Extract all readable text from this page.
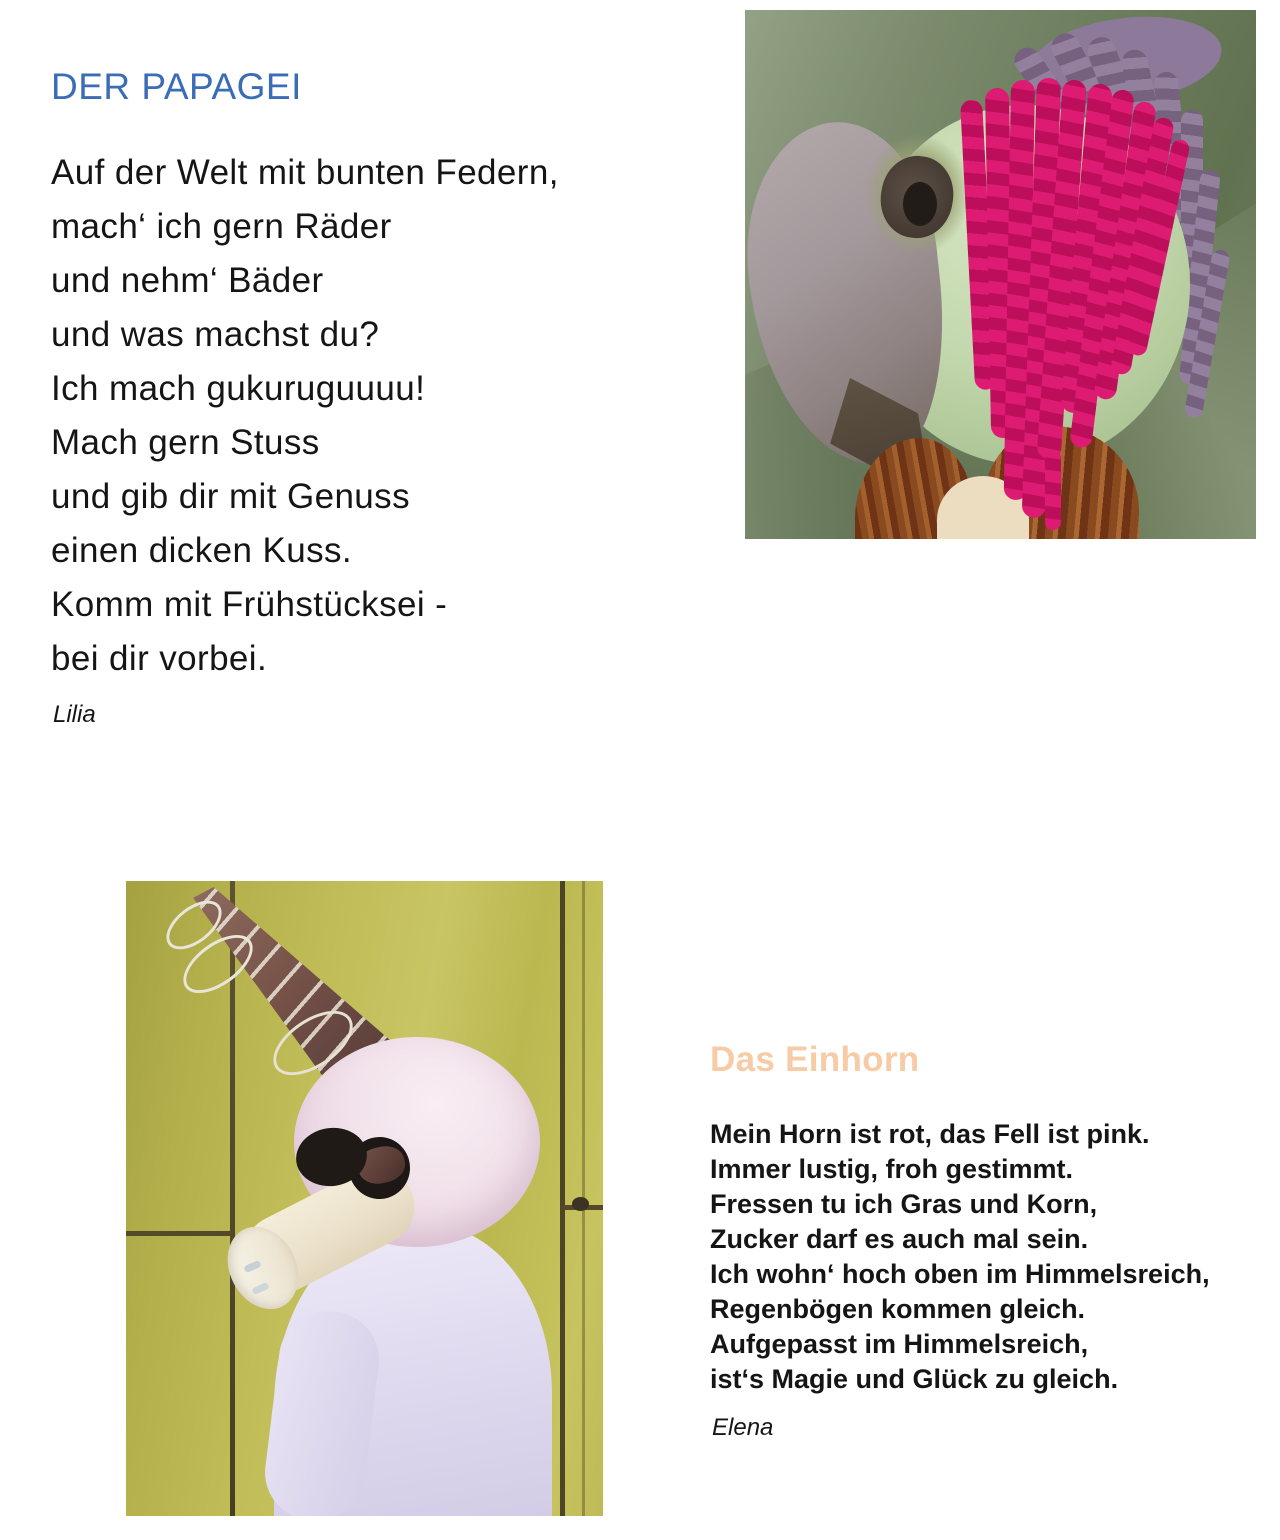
DER PAPAGEI
Auf der Welt mit bunten Federn,
mach‘ ich gern Räder
und nehm‘ Bäder
und was machst du?
Ich mach gukuruguuuu!
Mach gern Stuss
und gib dir mit Genuss
einen dicken Kuss.
Komm mit Frühstücksei -
bei dir vorbei.
Lilia
Das Einhorn
Mein Horn ist rot, das Fell ist pink.
Immer lustig, froh gestimmt.
Fressen tu ich Gras und Korn,
Zucker darf es auch mal sein.
Ich wohn‘ hoch oben im Himmelsreich,
Regenbögen kommen gleich.
Aufgepasst im Himmelsreich,
ist‘s Magie und Glück zu gleich.
Elena
